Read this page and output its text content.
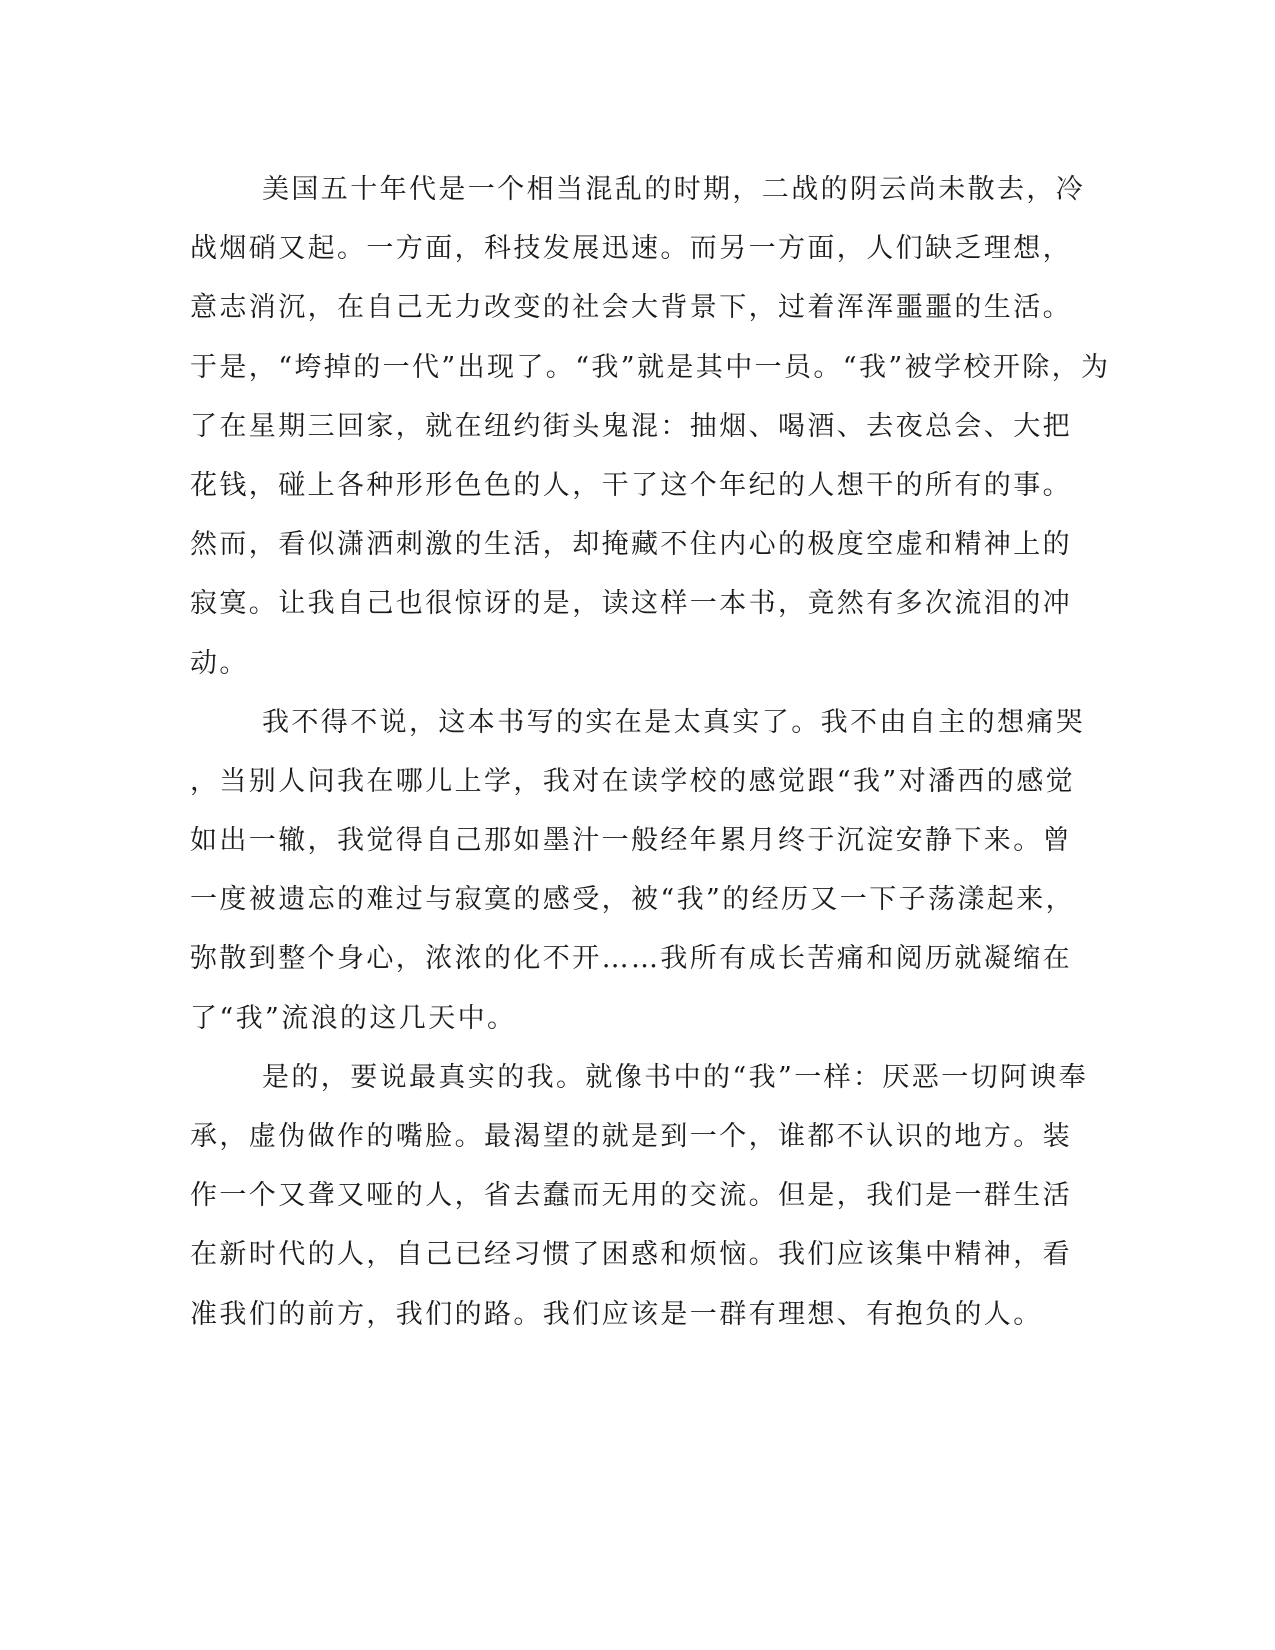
美国五十年代是一个相当混乱的时期，二战的阴云尚未散去，冷
战烟硝又起。一方面，科技发展迅速。而另一方面，人们缺乏理想，
意志消沉，在自己无力改变的社会大背景下，过着浑浑噩噩的生活。
于是，“垮掉的一代”出现了。“我”就是其中一员。“我”被学校开除，为
了在星期三回家，就在纽约街头鬼混：抽烟、喝酒、去夜总会、大把
花钱，碰上各种形形色色的人，干了这个年纪的人想干的所有的事。
然而，看似潇洒刺激的生活，却掩藏不住内心的极度空虚和精神上的
寂寞。让我自己也很惊讶的是，读这样一本书，竟然有多次流泪的冲
动。
我不得不说，这本书写的实在是太真实了。我不由自主的想痛哭
，当别人问我在哪儿上学，我对在读学校的感觉跟“我”对潘西的感觉
如出一辙，我觉得自己那如墨汁一般经年累月终于沉淀安静下来。曾
一度被遗忘的难过与寂寞的感受，被“我”的经历又一下子荡漾起来，
弥散到整个身心，浓浓的化不开……我所有成长苦痛和阅历就凝缩在
了“我”流浪的这几天中。
是的，要说最真实的我。就像书中的“我”一样：厌恶一切阿谀奉
承，虚伪做作的嘴脸。最渴望的就是到一个，谁都不认识的地方。装
作一个又聋又哑的人，省去蠢而无用的交流。但是，我们是一群生活
在新时代的人，自己已经习惯了困惑和烦恼。我们应该集中精神，看
准我们的前方，我们的路。我们应该是一群有理想、有抱负的人。
